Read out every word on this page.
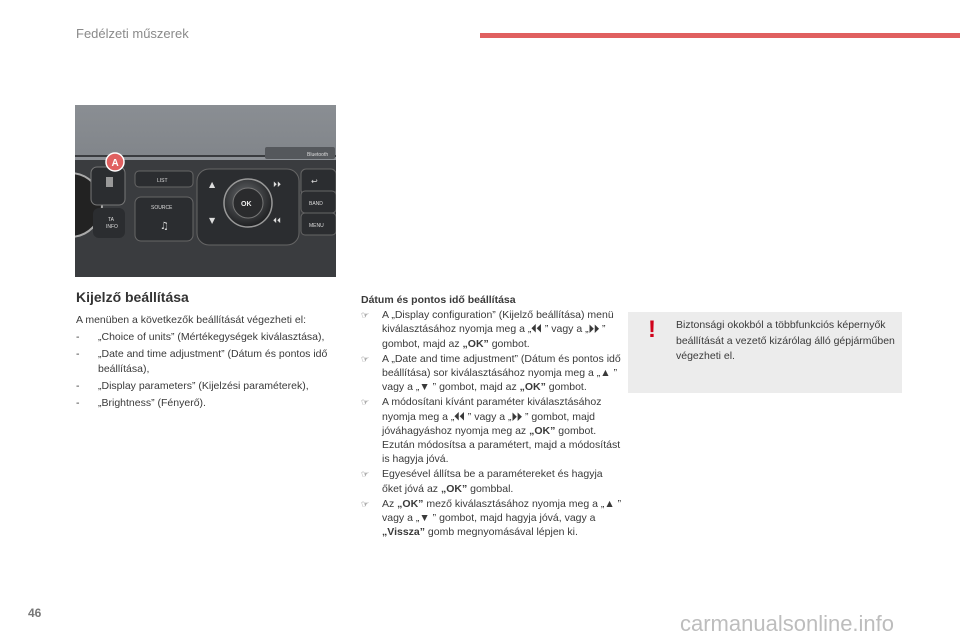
Fedélzeti műszerek
Bluetooth
A
TA
INFO
LIST
SOURCE
♫
▲
▼
⏵⏵
⏴⏴
OK
↩
BAND
MENU
Kijelző beállítása

A menüben a következők beállítását végezheti el:

- „Choice of units” (Mértékegységek kiválasztása),
- „Date and time adjustment” (Dátum és pontos idő beállítása),
- „Display parameters” (Kijelzési paraméterek),
- „Brightness” (Fényerő).
Dátum és pontos idő beállítása
☞ A „Display configuration” (Kijelző beállítása) menü kiválasztásához nyomja meg a „⏴⏴ ” vagy a „⏵⏵ ” gombot, majd az „OK” gombot.
☞ A „Date and time adjustment” (Dátum és pontos idő beállítása) sor kiválasztásához nyomja meg a „▲ ” vagy a „▼ ” gombot, majd az „OK” gombot.
☞ A módosítani kívánt paraméter kiválasztásához nyomja meg a „⏴⏴ ” vagy a „⏵⏵ ” gombot, majd jóváhagyáshoz nyomja meg az „OK” gombot. Ezután módosítsa a paramétert, majd a módosítást is hagyja jóvá.
☞ Egyesével állítsa be a paramétereket és hagyja őket jóvá az „OK” gombbal.
☞ Az „OK” mező kiválasztásához nyomja meg a „▲ ” vagy a „▼ ” gombot, majd hagyja jóvá, vagy a „Vissza” gomb megnyomásával lépjen ki.
! Biztonsági okokból a többfunkciós képernyők beállítását a vezető kizárólag álló gépjárműben végezheti el.
46	carmanualsonline.info
